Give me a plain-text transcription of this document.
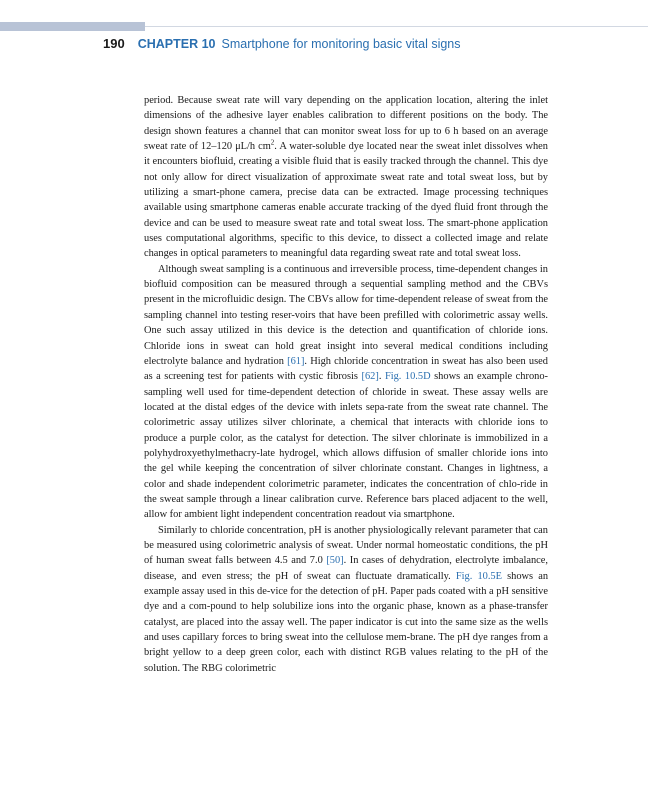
190 CHAPTER 10 Smartphone for monitoring basic vital signs

period. Because sweat rate will vary depending on the application location, altering the inlet dimensions of the adhesive layer enables calibration to different positions on the body. The design shown features a channel that can monitor sweat loss for up to 6 h based on an average sweat rate of 12–120 μL/h $cm^2$. A water-soluble dye located near the sweat inlet dissolves when it encounters biofluid, creating a visible fluid that is easily tracked through the channel. This dye not only allow for direct visualization of approximate sweat rate and total sweat loss, but by utilizing a smart-phone camera, precise data can be extracted. Image processing techniques available using smartphone cameras enable accurate tracking of the dyed fluid front through the device and can be used to measure sweat rate and total sweat loss. The smart-phone application uses computational algorithms, specific to this device, to dissect a collected image and relate changes in optical parameters to meaningful data regarding sweat rate and total sweat loss.

Although sweat sampling is a continuous and irreversible process, time-dependent changes in biofluid composition can be measured through a sequential sampling method and the CBVs present in the microfluidic design. The CBVs allow for time-dependent release of sweat from the sampling channel into testing reser-voirs that have been prefilled with colorimetric assay wells. One such assay utilized in this device is the detection and quantification of chloride ions. Chloride ions in sweat can hold great insight into several medical conditions including electrolyte balance and hydration [61]. High chloride concentration in sweat has also been used as a screening test for patients with cystic fibrosis [62]. Fig. 10.5D shows an example chrono-sampling well used for time-dependent detection of chloride in sweat. These assay wells are located at the distal edges of the device with inlets sepa-rate from the sweat rate channel. The colorimetric assay utilizes silver chlorinate, a chemical that interacts with chloride ions to produce a purple color, as the catalyst for detection. The silver chlorinate is immobilized in a polyhydroxyethylmethacry-late hydrogel, which allows diffusion of smaller chloride ions into the gel while keeping the concentration of silver chlorinate constant. Changes in lightness, a color and shade independent colorimetric parameter, indicates the concentration of chlo-ride in the sweat sample through a linear calibration curve. Reference bars placed adjacent to the well, allow for ambient light independent concentration readout via smartphone.

Similarly to chloride concentration, pH is another physiologically relevant parameter that can be measured using colorimetric analysis of sweat. Under normal homeostatic conditions, the pH of human sweat falls between 4.5 and 7.0 [50]. In cases of dehydration, electrolyte imbalance, disease, and even stress; the pH of sweat can fluctuate dramatically. Fig. 10.5E shows an example assay used in this de-vice for the detection of pH. Paper pads coated with a pH sensitive dye and a com-pound to help solubilize ions into the organic phase, known as a phase-transfer catalyst, are placed into the assay well. The paper indicator is cut into the same size as the wells and uses capillary forces to bring sweat into the cellulose mem-brane. The pH dye ranges from a bright yellow to a deep green color, each with distinct RGB values relating to the pH of the solution. The RBG colorimetric
